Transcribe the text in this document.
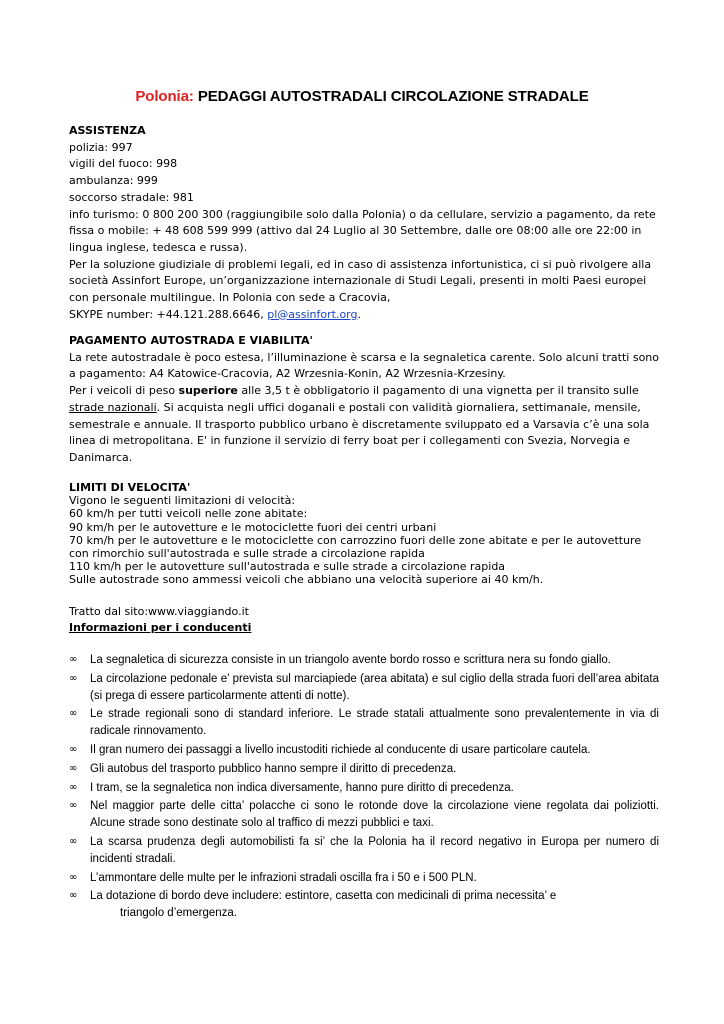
Polonia: PEDAGGI AUTOSTRADALI CIRCOLAZIONE STRADALE

ASSISTENZA

polizia: 997

vigili del fuoco: 998

ambulanza: 999

soccorso stradale: 981

info turismo: 0 800 200 300 (raggiungibile solo dalla Polonia) o da cellulare, servizio a pagamento, da rete fissa o mobile: + 48 608 599 999 (attivo dal 24 Luglio al 30 Settembre, dalle ore 08:00 alle ore 22:00 in lingua inglese, tedesca e russa).

Per la soluzione giudiziale di problemi legali, ed in caso di assistenza infortunistica, ci si può rivolgere alla società Assinfort Europe, un’organizzazione internazionale di Studi Legali, presenti in molti Paesi europei con personale multilingue. In Polonia con sede a Cracovia,

SKYPE number: +44.121.288.6646, pl@assinfort.org.

PAGAMENTO AUTOSTRADA E VIABILITA'

La rete autostradale è poco estesa, l’illuminazione è scarsa e la segnaletica carente. Solo alcuni tratti sono a pagamento: A4 Katowice-Cracovia, A2 Wrzesnia-Konin, A2 Wrzesnia-Krzesiny.

Per i veicoli di peso superiore alle 3,5 t è obbligatorio il pagamento di una vignetta per il transito sulle strade nazionali. Si acquista negli uffici doganali e postali con validità giornaliera, settimanale, mensile, semestrale e annuale. Il trasporto pubblico urbano è discretamente sviluppato ed a Varsavia c’è una sola linea di metropolitana. E' in funzione il servizio di ferry boat per i collegamenti con Svezia, Norvegia e Danimarca.

LIMITI DI VELOCITA'

Vigono le seguenti limitazioni di velocità:

60 km/h per tutti veicoli nelle zone abitate:

90 km/h per le autovetture e le motociclette fuori dei centri urbani

70 km/h per le autovetture e le motociclette con carrozzino fuori delle zone abitate e per le autovetture con rimorchio sull'autostrada e sulle strade a circolazione rapida

110 km/h per le autovetture sull'autostrada e sulle strade a circolazione rapida

Sulle autostrade sono ammessi veicoli che abbiano una velocità superiore ai 40 km/h.

Tratto dal sito:www.viaggiando.it

Informazioni per i conducenti

∞ La segnaletica di sicurezza consiste in un triangolo avente bordo rosso e scrittura nera su fondo giallo.
∞ La circolazione pedonale e’ prevista sul marciapiede (area abitata) e sul ciglio della strada fuori dell’area abitata (si prega di essere particolarmente attenti di notte).
∞ Le strade regionali sono di standard inferiore. Le strade statali attualmente sono prevalentemente in via di radicale rinnovamento.
∞ Il gran numero dei passaggi a livello incustoditi richiede al conducente di usare particolare cautela.
∞ Gli autobus del trasporto pubblico hanno sempre il diritto di precedenza.
∞ I tram, se la segnaletica non indica diversamente, hanno pure diritto di precedenza.
∞ Nel maggior parte delle citta’ polacche ci sono le rotonde dove la circolazione viene regolata dai poliziotti. Alcune strade sono destinate solo al traffico di mezzi pubblici e taxi.
∞ La scarsa prudenza degli automobilisti fa si’ che la Polonia ha il record negativo in Europa per numero di incidenti stradali.
∞ L’ammontare delle multe per le infrazioni stradali oscilla fra i 50 e i 500 PLN.
∞ La dotazione di bordo deve includere: estintore, casetta con medicinali di prima necessita’ e
triangolo d’emergenza.
